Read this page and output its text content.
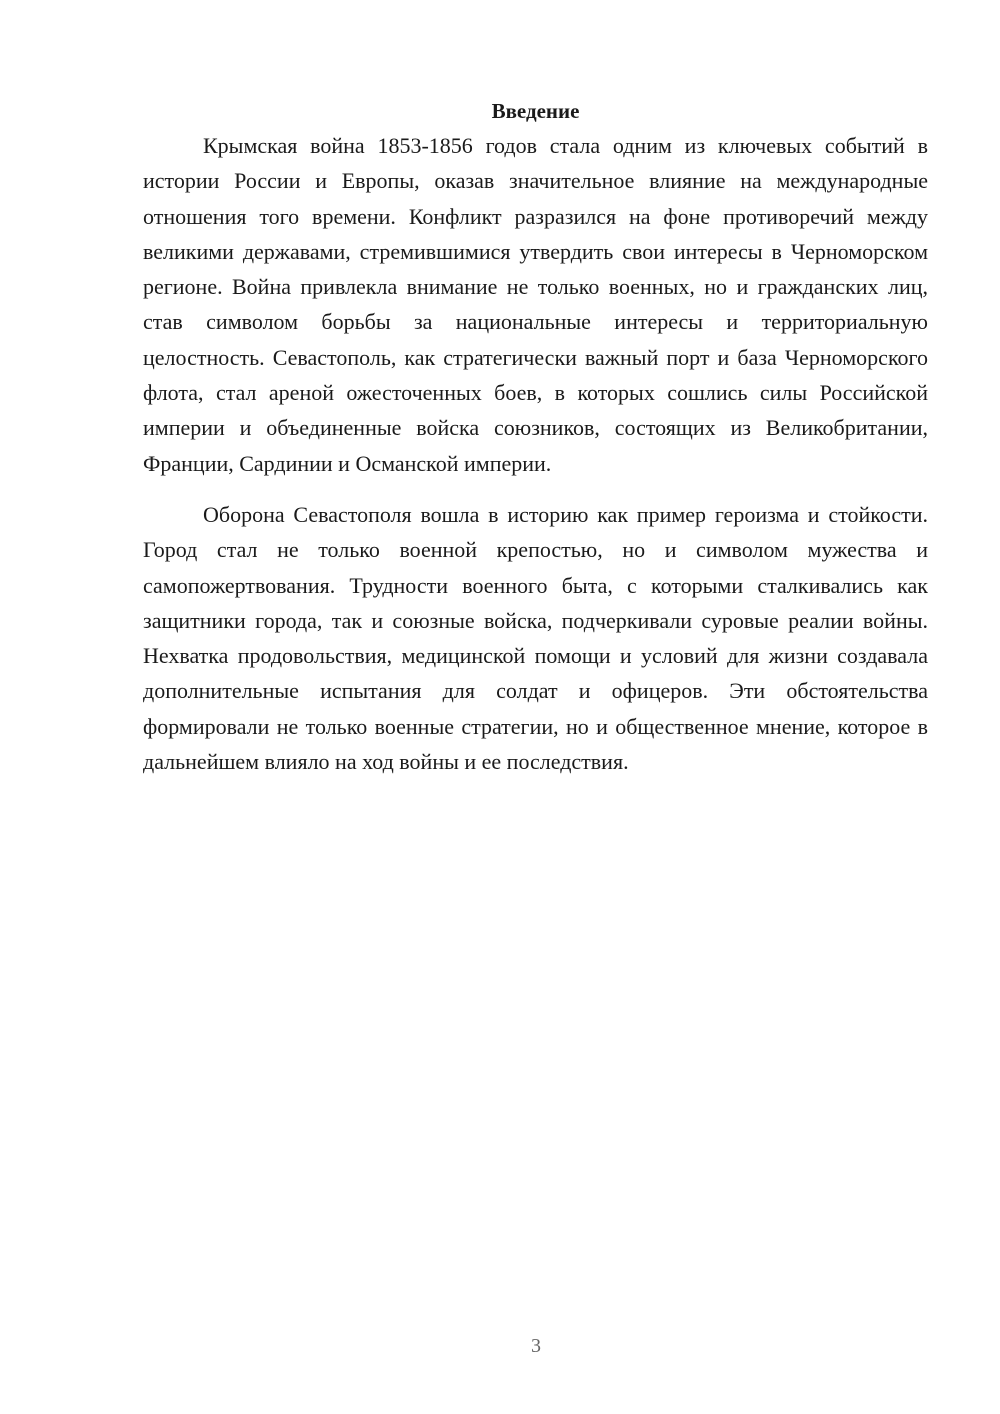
Введение

Крымская война 1853-1856 годов стала одним из ключевых событий в истории России и Европы, оказав значительное влияние на международные отношения того времени. Конфликт разразился на фоне противоречий между великими державами, стремившимися утвердить свои интересы в Черноморском регионе. Война привлекла внимание не только военных, но и гражданских лиц, став символом борьбы за национальные интересы и территориальную целостность. Севастополь, как стратегически важный порт и база Черноморского флота, стал ареной ожесточенных боев, в которых сошлись силы Российской империи и объединенные войска союзников, состоящих из Великобритании, Франции, Сардинии и Османской империи.

Оборона Севастополя вошла в историю как пример героизма и стойкости. Город стал не только военной крепостью, но и символом мужества и самопожертвования. Трудности военного быта, с которыми сталкивались как защитники города, так и союзные войска, подчеркивали суровые реалии войны. Нехватка продовольствия, медицинской помощи и условий для жизни создавала дополнительные испытания для солдат и офицеров. Эти обстоятельства формировали не только военные стратегии, но и общественное мнение, которое в дальнейшем влияло на ход войны и ее последствия.

3
